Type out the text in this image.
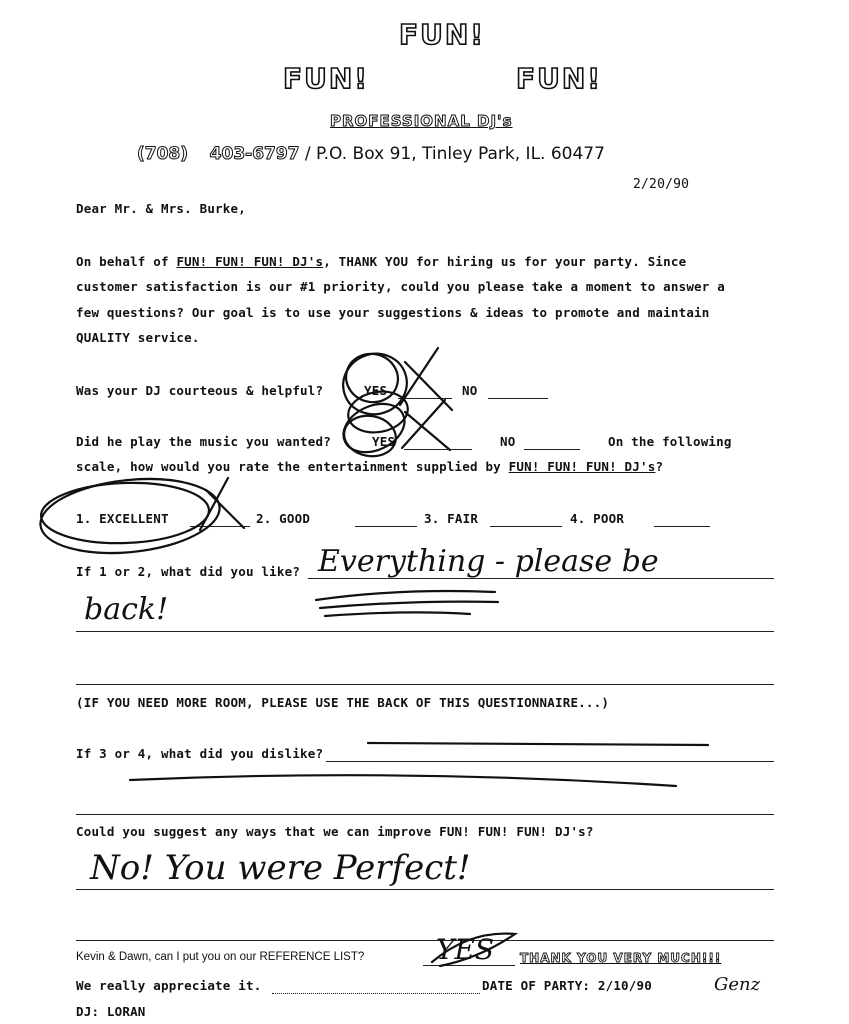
FUN!
FUN!	FUN!
PROFESSIONAL DJ's
(708) 403-6797 / P.O. Box 91, Tinley Park, IL. 60477
2/20/90
Dear Mr. & Mrs. Burke,
On behalf of FUN! FUN! FUN! DJ's, THANK YOU for hiring us for your party. Since
customer satisfaction is our #1 priority, could you please take a moment to answer a
few questions? Our goal is to use your suggestions & ideas to promote and maintain
QUALITY service.
Was your DJ courteous & helpful?	YES	NO
Did he play the music you wanted?	YES	NO	On the following
scale, how would you rate the entertainment supplied by FUN! FUN! FUN! DJ's?
1. EXCELLENT	2. GOOD	3. FAIR	4. POOR
If 1 or 2, what did you like? Everything - please be
back!
(IF YOU NEED MORE ROOM, PLEASE USE THE BACK OF THIS QUESTIONNAIRE...)
If 3 or 4, what did you dislike?
Could you suggest any ways that we can improve FUN! FUN! FUN! DJ's?
No! You were Perfect!
Kevin & Dawn, can I put you on our REFERENCE LIST?	YES THANK YOU VERY MUCH!!!
We really appreciate it.	DATE OF PARTY: 2/10/90	Genz
DJ: LORAN
